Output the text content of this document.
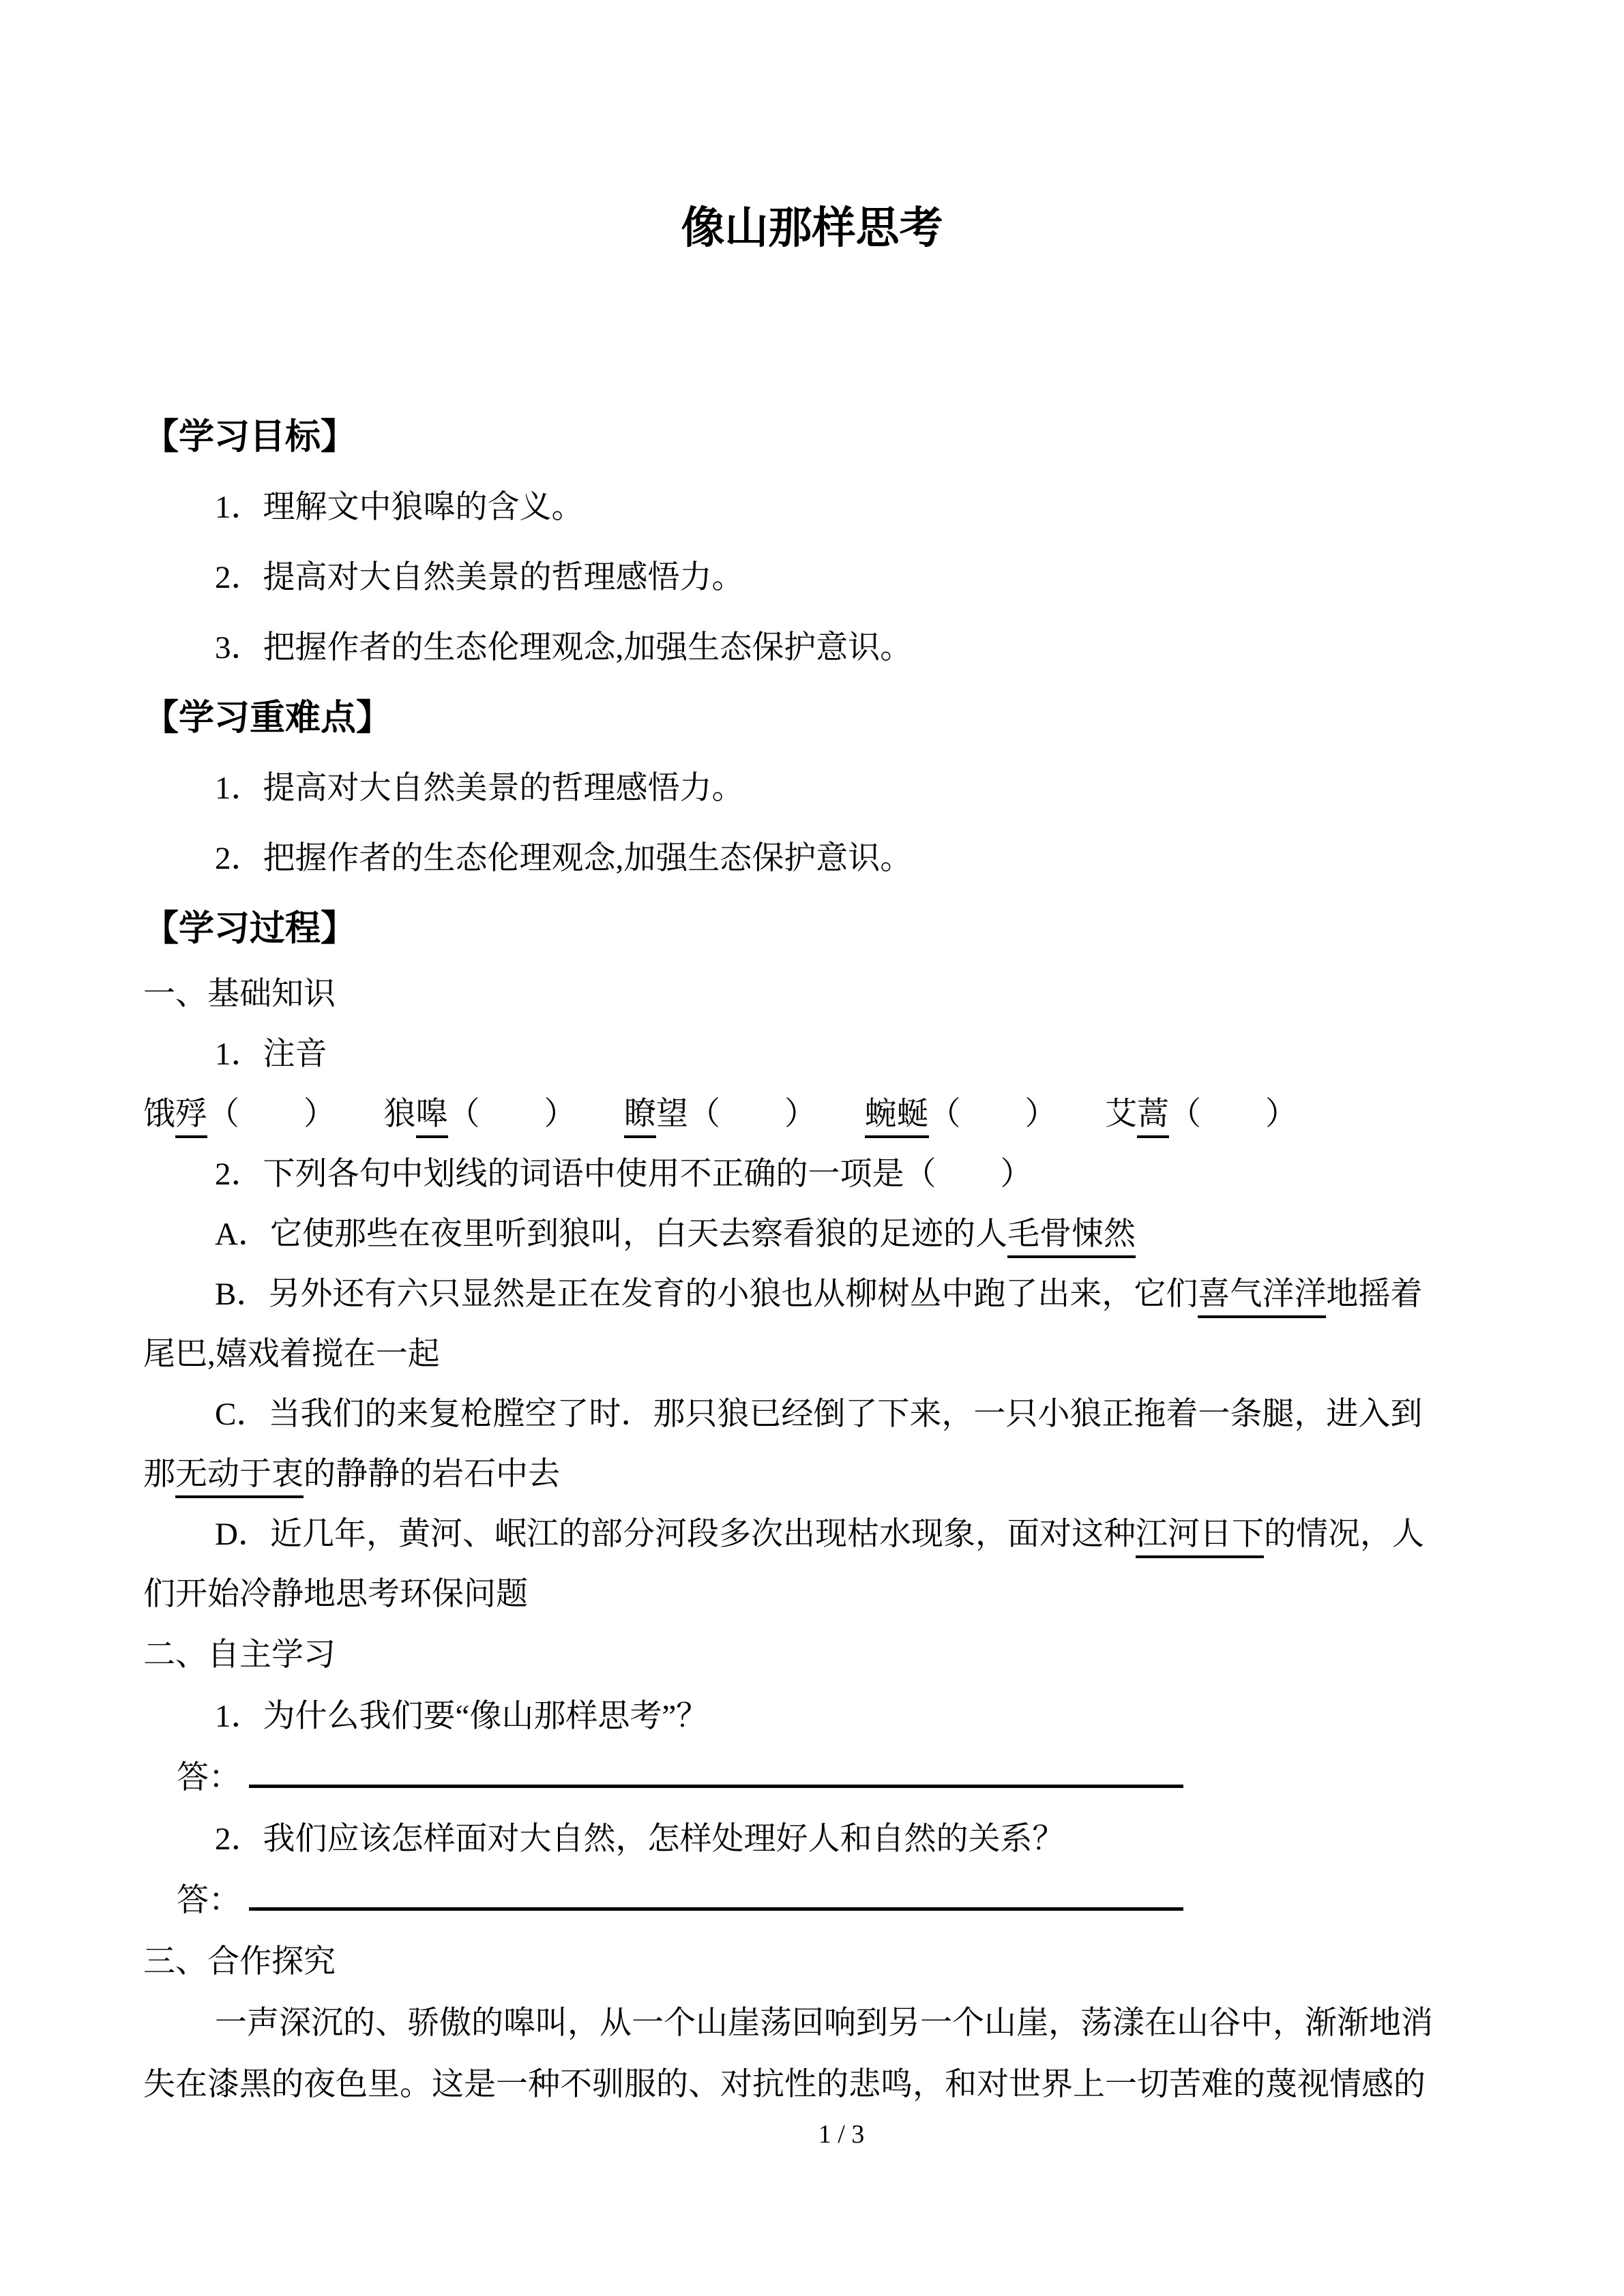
像山那样思考
【学习目标】
1．理解文中狼嗥的含义。
2．提高对大自然美景的哲理感悟力。
3．把握作者的生态伦理观念,加强生态保护意识。
【学习重难点】
1．提高对大自然美景的哲理感悟力。
2．把握作者的生态伦理观念,加强生态保护意识。
【学习过程】
一、基础知识
1．注音
饿殍（　　）　　狼嗥（　　）　　瞭望（　　）　　蜿蜒（　　）　　艾蒿（　　）
2．下列各句中划线的词语中使用不正确的一项是（　　）
A．它使那些在夜里听到狼叫，白天去察看狼的足迹的人毛骨悚然
B．另外还有六只显然是正在发育的小狼也从柳树丛中跑了出来，它们喜气洋洋地摇着
尾巴,嬉戏着搅在一起
C．当我们的来复枪膛空了时．那只狼已经倒了下来，一只小狼正拖着一条腿，进入到
那无动于衷的静静的岩石中去
D．近几年，黄河、岷江的部分河段多次出现枯水现象，面对这种江河日下的情况，人
们开始冷静地思考环保问题
二、自主学习
1．为什么我们要“像山那样思考”？
答：
2．我们应该怎样面对大自然，怎样处理好人和自然的关系？
答：
三、合作探究
一声深沉的、骄傲的嗥叫，从一个山崖荡回响到另一个山崖，荡漾在山谷中，渐渐地消
失在漆黑的夜色里。这是一种不驯服的、对抗性的悲鸣，和对世界上一切苦难的蔑视情感的
1 / 3
